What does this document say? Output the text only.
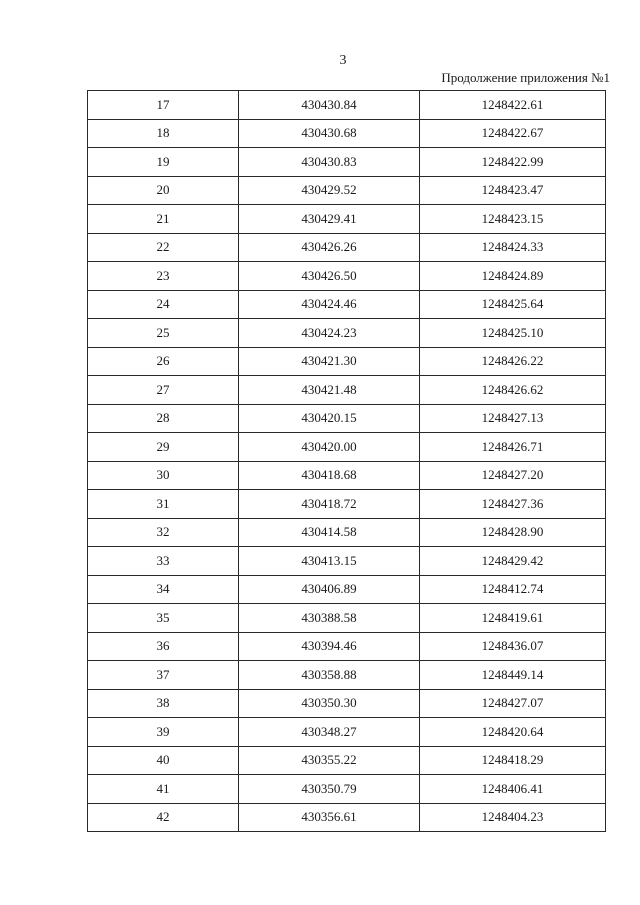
3
Продолжение приложения №1
17	430430.84	1248422.61
18	430430.68	1248422.67
19	430430.83	1248422.99
20	430429.52	1248423.47
21	430429.41	1248423.15
22	430426.26	1248424.33
23	430426.50	1248424.89
24	430424.46	1248425.64
25	430424.23	1248425.10
26	430421.30	1248426.22
27	430421.48	1248426.62
28	430420.15	1248427.13
29	430420.00	1248426.71
30	430418.68	1248427.20
31	430418.72	1248427.36
32	430414.58	1248428.90
33	430413.15	1248429.42
34	430406.89	1248412.74
35	430388.58	1248419.61
36	430394.46	1248436.07
37	430358.88	1248449.14
38	430350.30	1248427.07
39	430348.27	1248420.64
40	430355.22	1248418.29
41	430350.79	1248406.41
42	430356.61	1248404.23
